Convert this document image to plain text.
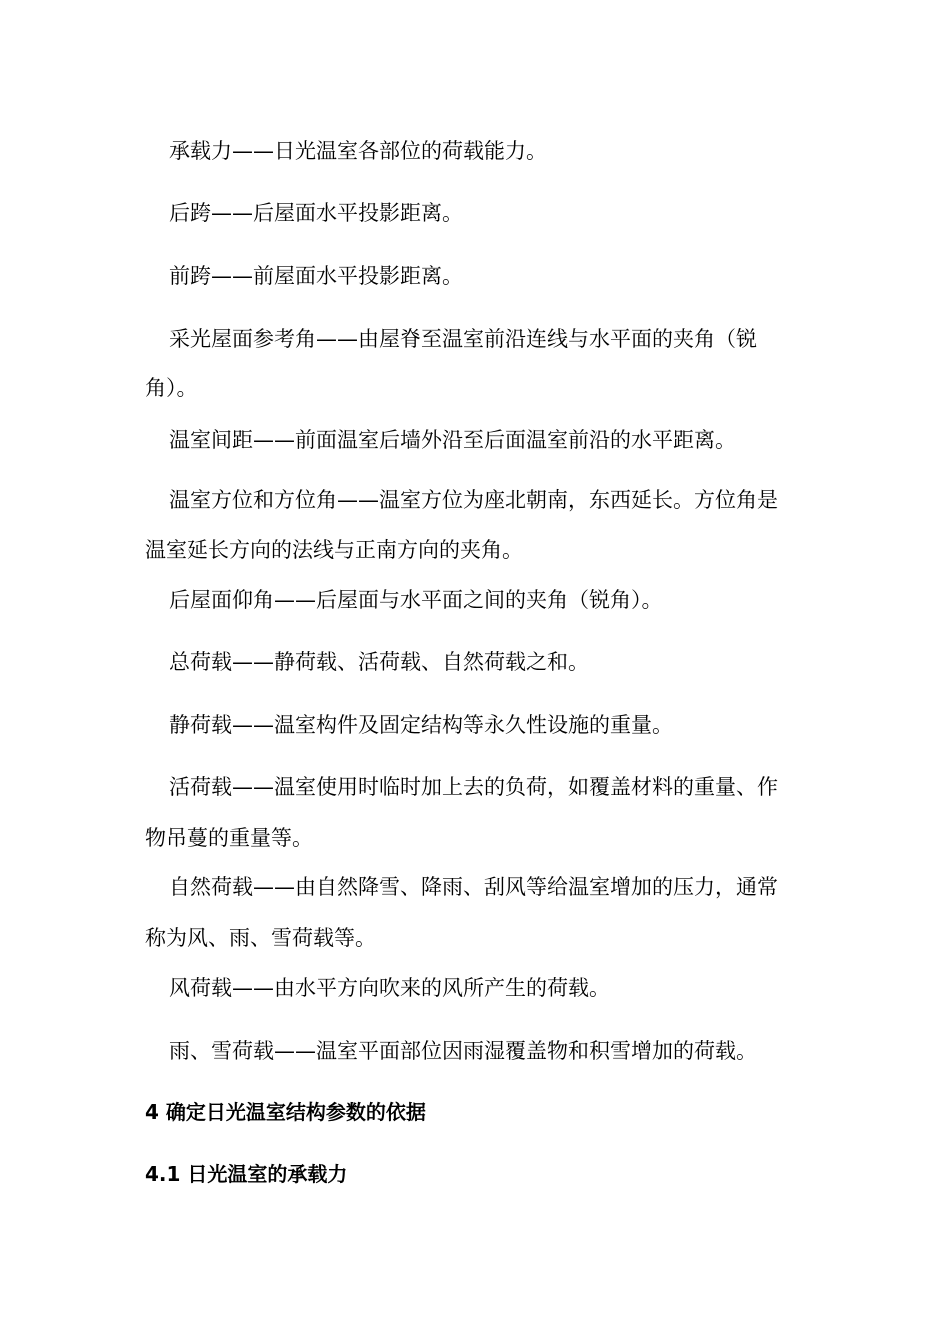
承载力——日光温室各部位的荷载能力。
后跨——后屋面水平投影距离。
前跨——前屋面水平投影距离。
采光屋面参考角——由屋脊至温室前沿连线与水平面的夹角（锐
角）。
温室间距——前面温室后墙外沿至后面温室前沿的水平距离。
温室方位和方位角——温室方位为座北朝南，东西延长。方位角是
温室延长方向的法线与正南方向的夹角。
后屋面仰角——后屋面与水平面之间的夹角（锐角）。
总荷载——静荷载、活荷载、自然荷载之和。
静荷载——温室构件及固定结构等永久性设施的重量。
活荷载——温室使用时临时加上去的负荷，如覆盖材料的重量、作
物吊蔓的重量等。
自然荷载——由自然降雪、降雨、刮风等给温室增加的压力，通常
称为风、雨、雪荷载等。
风荷载——由水平方向吹来的风所产生的荷载。
雨、雪荷载——温室平面部位因雨湿覆盖物和积雪增加的荷载。
4 确定日光温室结构参数的依据
4.1 日光温室的承载力
